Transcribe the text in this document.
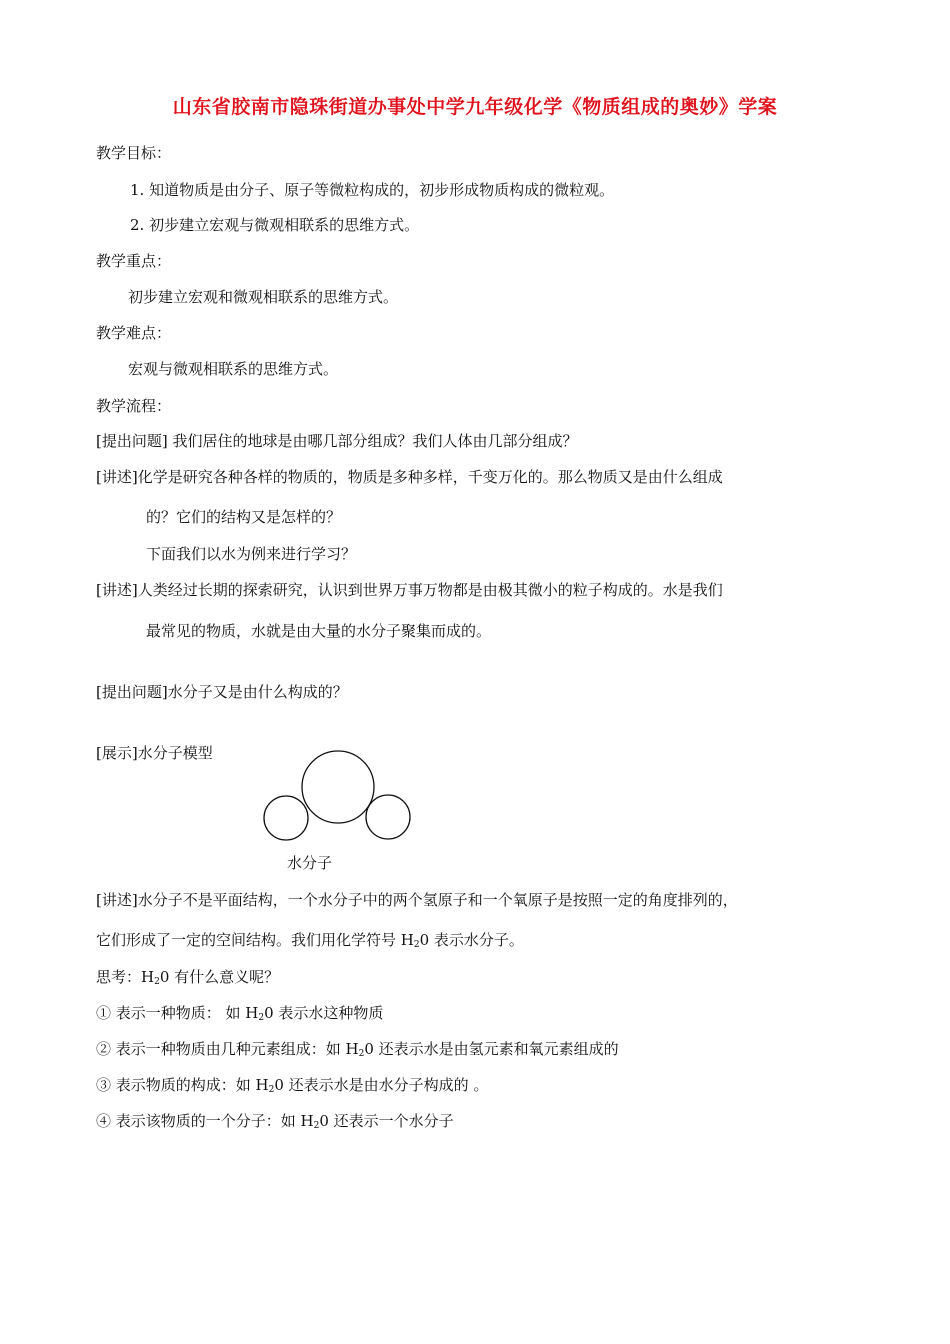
山东省胶南市隐珠街道办事处中学九年级化学《物质组成的奥妙》学案
教学目标：
1. 知道物质是由分子、原子等微粒构成的，初步形成物质构成的微粒观。
2. 初步建立宏观与微观相联系的思维方式。
教学重点：
初步建立宏观和微观相联系的思维方式。
教学难点：
宏观与微观相联系的思维方式。
教学流程：
[提出问题] 我们居住的地球是由哪几部分组成？我们人体由几部分组成？
[讲述]化学是研究各种各样的物质的，物质是多种多样，千变万化的。那么物质又是由什么组成
的？它们的结构又是怎样的？
下面我们以水为例来进行学习？
[讲述]人类经过长期的探索研究，认识到世界万事万物都是由极其微小的粒子构成的。水是我们
最常见的物质，水就是由大量的水分子聚集而成的。
[提出问题]水分子又是由什么构成的？
[展示]水分子模型
水分子
[讲述]水分子不是平面结构，一个水分子中的两个氢原子和一个氧原子是按照一定的角度排列的，
它们形成了一定的空间结构。我们用化学符号 $H_20$ 表示水分子。
思考：$H_20$ 有什么意义呢？
① 表示一种物质： 如 $H_20$ 表示水这种物质
② 表示一种物质由几种元素组成：如 $H_20$ 还表示水是由氢元素和氧元素组成的
③ 表示物质的构成：如 $H_20$ 还表示水是由水分子构成的 。
④ 表示该物质的一个分子：如 $H_20$ 还表示一个水分子
